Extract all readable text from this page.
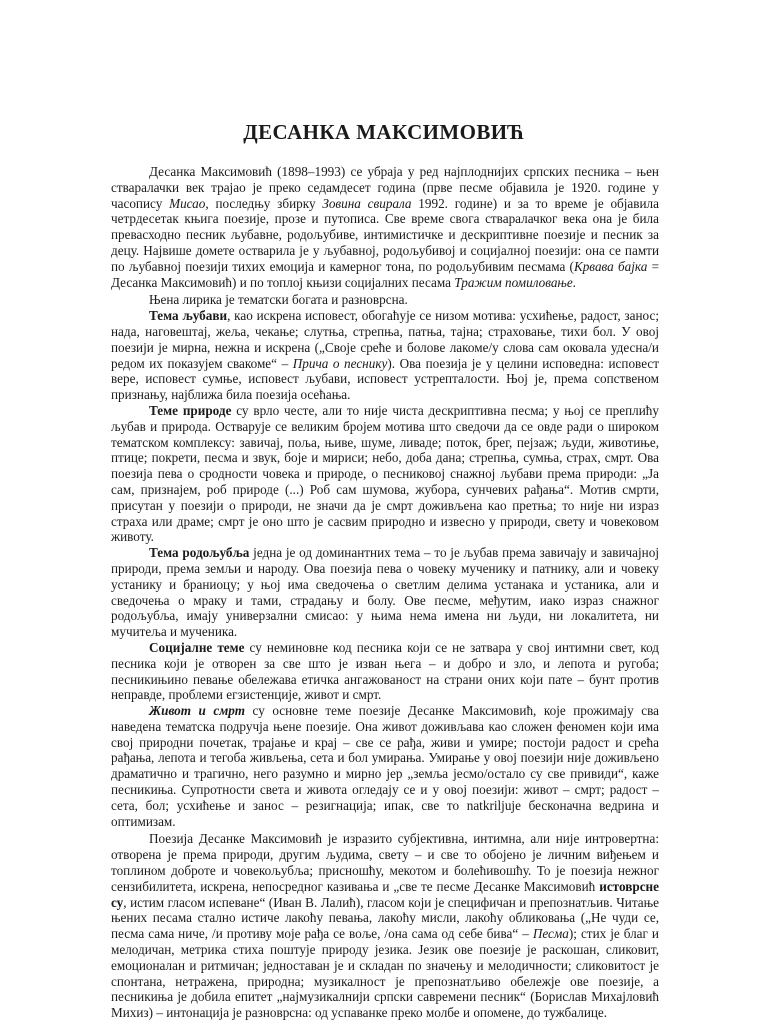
ДЕСАНКА МАКСИМОВИЋ

Десанка Максимовић (1898–1993) се убраја у ред најплоднијих српских песника – њен стваралачки век трајао је преко седамдесет година (прве песме објавила је 1920. године у часопису Мисао, последњу збирку Зовина свирала 1992. године) и за то време је објавила четрдесетак књига поезије, прозе и путописа. Све време свога стваралачког века она је била превасходно песник љубавне, родољубиве, интимистичке и дескриптивне поезије и песник за децу. Највише домете остварила је у љубавној, родољубивој и социјалној поезији: она се памти по љубавној поезији тихих емоција и камерног тона, по родољубивим песмама (Крвава бајка = Десанка Максимовић) и по топлој књизи социјалних песама Тражим помиловање.

Њена лирика је тематски богата и разноврсна.

Тема љубави, као искрена исповест, обогаћује се низом мотива: усхићење, радост, занос; нада, наговештај, жеља, чекање; слутња, стрепња, патња, тајна; страховање, тихи бол. У овој поезији је мирна, нежна и искрена („Своје среће и болове лакоме/у слова сам оковала удесна/и редом их показујем свакоме“ – Прича о песнику). Ова поезија је у целини исповедна: исповест вере, исповест сумње, исповест љубави, исповест устрепталости. Њој је, према сопственом признању, најближа била поезија осећања.

Теме природе су врло честе, али то није чиста дескриптивна песма; у њој се преплићу љубав и природа. Остварује се великим бројем мотива што сведочи да се овде ради о широком тематском комплексу: завичај, поља, њиве, шуме, ливаде; поток, брег, пејзаж; људи, животиње, птице; покрети, песма и звук, боје и мириси; небо, доба дана; стрепња, сумња, страх, смрт. Ова поезија пева о сродности човека и природе, о песниковој снажној љубави према природи: „Ја сам, признајем, роб природе (...) Роб сам шумова, жубора, сунчевих рађања“. Мотив смрти, присутан у поезији о природи, не значи да је смрт доживљена као претња; то није ни израз страха или драме; смрт је оно што је сасвим природно и извесно у природи, свету и човековом животу.

Тема родољубља једна је од доминантних тема – то је љубав према завичају и завичајној природи, према земљи и народу. Ова поезија пева о човеку мученику и патнику, али и човеку устанику и браниоцу; у њој има сведочења о светлим делима устанака и устаника, али и сведочења о мраку и тами, страдању и болу. Ове песме, међутим, иако израз снажног родољубља, имају универзални смисао: у њима нема имена ни људи, ни локалитета, ни мучитеља и мученика.

Социјалне теме су неминовне код песника који се не затвара у свој интимни свет, код песника који је отворен за све што је изван њега – и добро и зло, и лепота и ругоба; песникињино певање обележава етичка ангажованост на страни оних који пате – бунт против неправде, проблеми егзистенције, живот и смрт.

Живот и смрт су основне теме поезије Десанке Максимовић, које прожимају сва наведена тематска подручја њене поезије. Она живот доживљава као сложен феномен који има свој природни почетак, трајање и крај – све се рађа, живи и умире; постоји радост и срећа рађања, лепота и тегоба живљења, сета и бол умирања. Умирање у овој поезији није доживљено драматично и трагично, него разумно и мирно јер „земља јесмо/остало су све привиди“, каже песникиња. Супротности света и живота огледају се и у овој поезији: живот – смрт; радост – сета, бол; усхићење и занос – резигнација; ипак, све то natkriljuje бесконачна ведрина и оптимизам.

Поезија Десанке Максимовић је изразито субјективна, интимна, али није интровертна: отворена је према природи, другим људима, свету – и све то обојено је личним виђењем и топлином доброте и човекољубља; присношћу, мекотом и болећивошћу. То је поезија нежног сензибилитета, искрена, непосредног казивања и „све те песме Десанке Максимовић истоврсне су, истим гласом испеване“ (Иван В. Лалић), гласом који је специфичан и препознатљив. Читање њених песама стално истиче лакоћу певања, лакоћу мисли, лакоћу обликовања („Не чуди се, песма сама ниче, /и противу моје рађа се воље, /она сама од себе бива“ – Песма); стих је благ и мелодичан, метрика стиха поштује природу језика. Језик ове поезије је раскошан, сликовит, емоционалан и ритмичан; једноставан је и складан по значењу и мелодичности; сликовитост је спонтана, нетражена, природна; музикалност је препознатљиво обележје ове поезије, а песникиња је добила епитет „најмузикалнији српски савремени песник“ (Борислав Михајловић Михиз) – интонација је разноврсна: од успаванке преко молбе и опомене, до тужбалице.
